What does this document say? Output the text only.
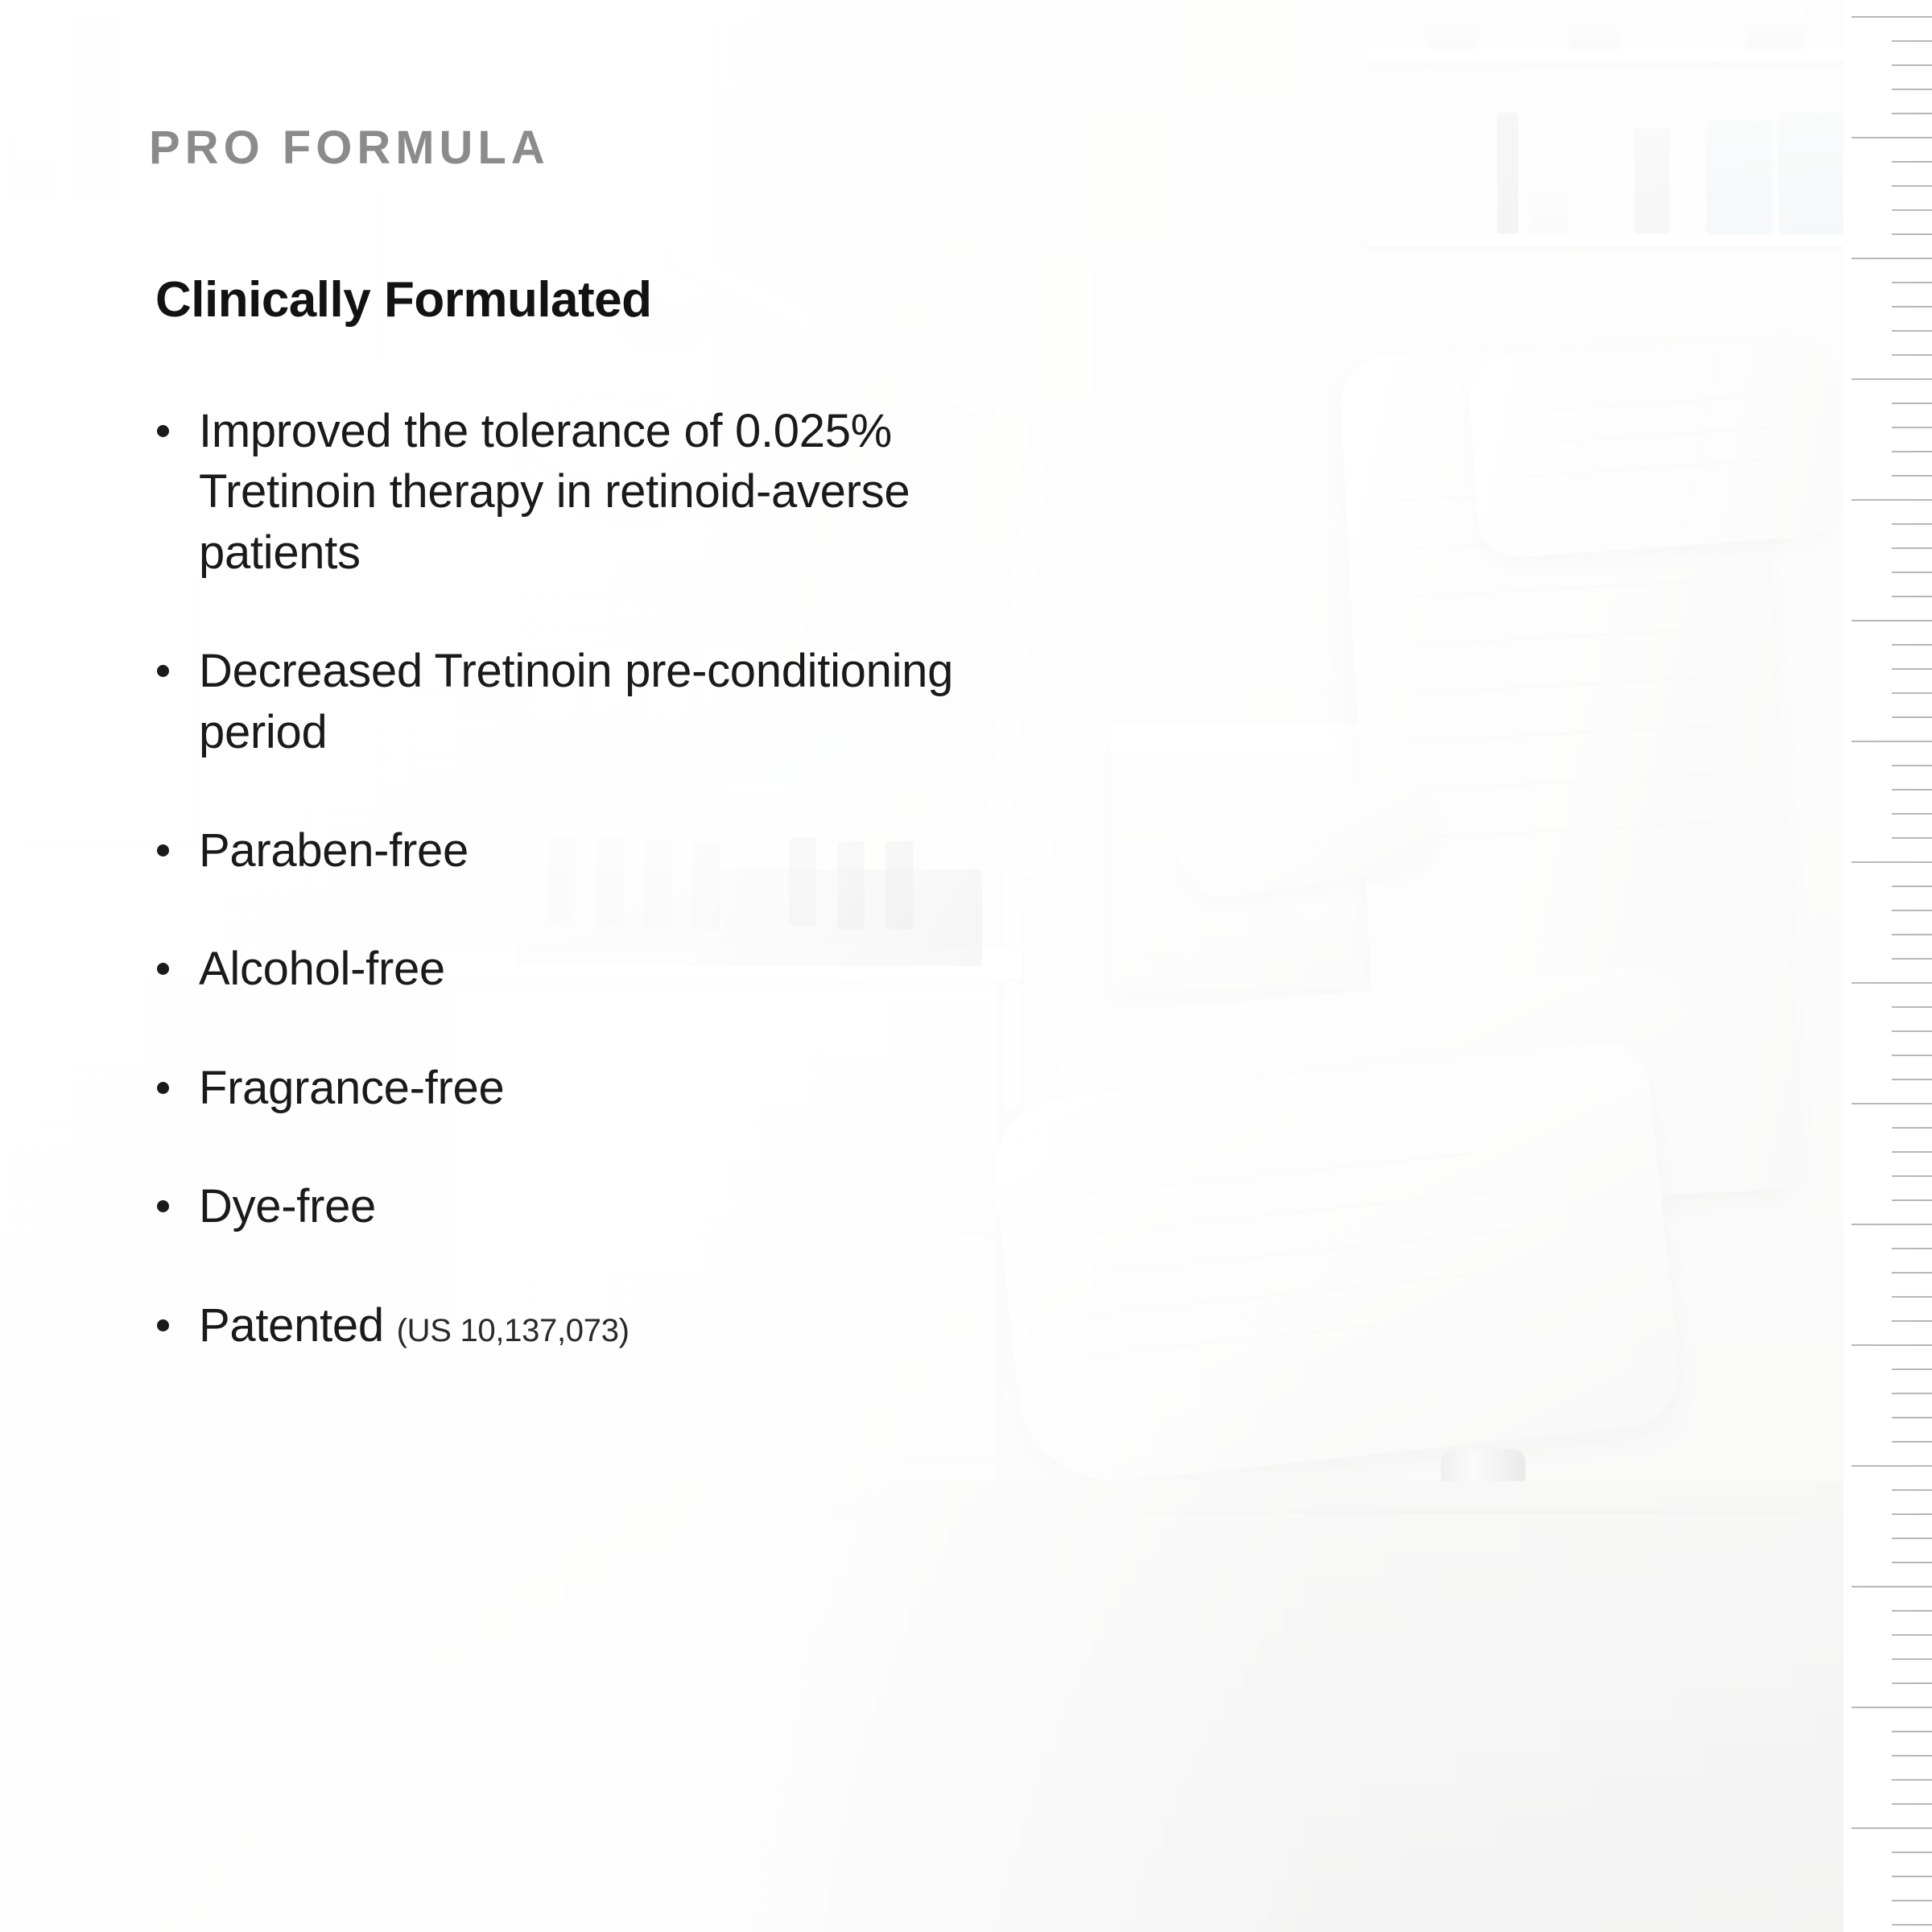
PRO FORMULA
Clinically Formulated
Improved the tolerance of 0.025% Tretinoin therapy in retinoid-averse patients
Decreased Tretinoin pre-conditioning period
Paraben-free
Alcohol-free
Fragrance-free
Dye-free
Patented (US 10,137,073)
